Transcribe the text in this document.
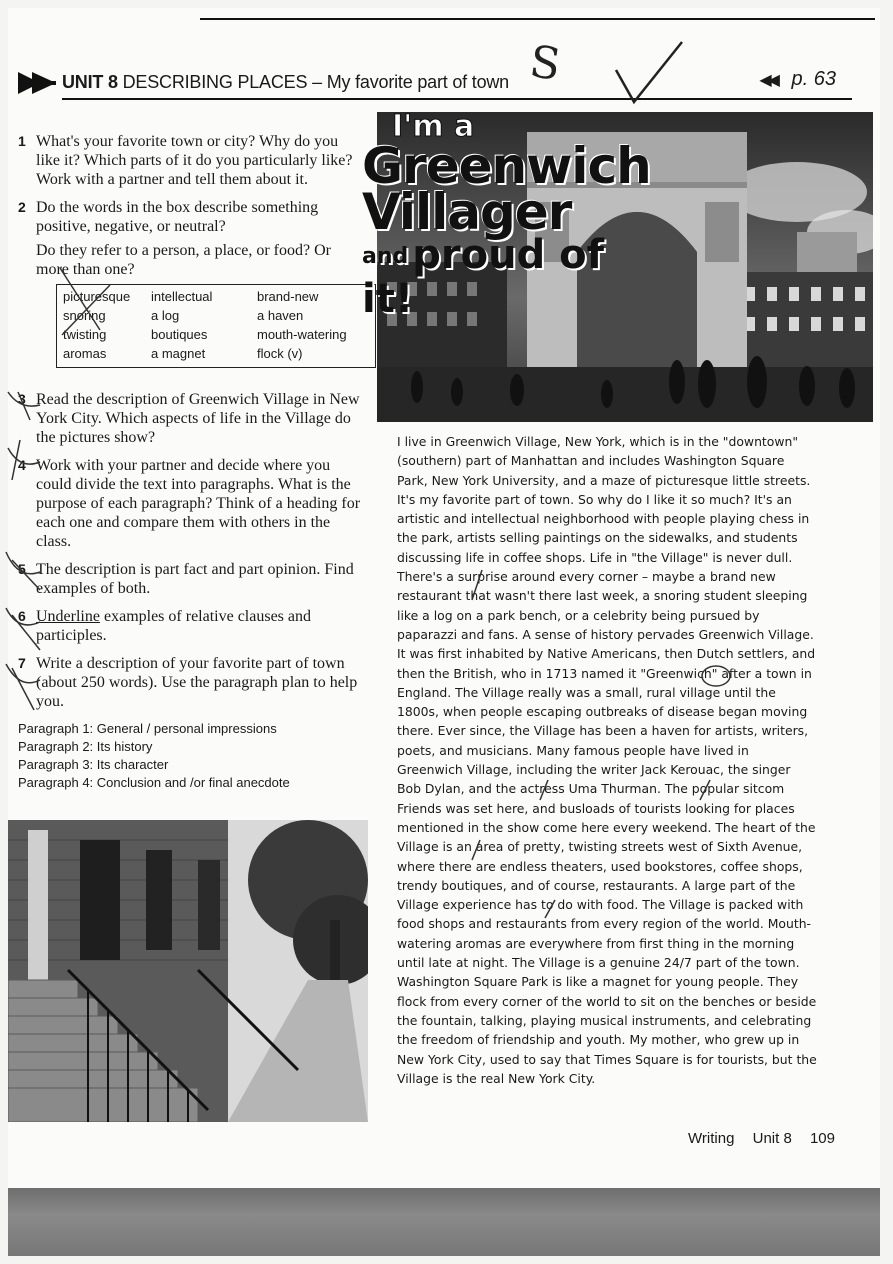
UNIT 8 DESCRIBING PLACES – My favorite part of town	◀◀ p. 63
S
1 What's your favorite town or city? Why do you like it? Which parts of it do you particularly like? Work with a partner and tell them about it.

2 Do the words in the box describe something positive, negative, or neutral?

Do they refer to a person, a place, or food? Or more than one?

picturesque	intellectual	brand-new
snoring	a log	a haven
twisting	boutiques	mouth-watering
aromas	a magnet	flock (v)
3 Read the description of Greenwich Village in New York City. Which aspects of life in the Village do the pictures show?

4 Work with your partner and decide where you could divide the text into paragraphs. What is the purpose of each paragraph? Think of a heading for each one and compare them with others in the class.

5 The description is part fact and part opinion. Find examples of both.

6 Underline examples of relative clauses and participles.

7 Write a description of your favorite part of town (about 250 words). Use the paragraph plan to help you.

Paragraph 1: General / personal impressions
Paragraph 2: Its history
Paragraph 3: Its character
Paragraph 4: Conclusion and /or final anecdote
I'm a
Greenwich
Villager
and proud of it!

I live in Greenwich Village, New York, which is in the "downtown" (southern) part of Manhattan and includes Washington Square Park, New York University, and a maze of picturesque little streets. It's my favorite part of town. So why do I like it so much? It's an artistic and intellectual neighborhood with people playing chess in the park, artists selling paintings on the sidewalks, and students discussing life in coffee shops. Life in "the Village" is never dull. There's a surprise around every corner – maybe a brand new restaurant that wasn't there last week, a snoring student sleeping like a log on a park bench, or a celebrity being pursued by paparazzi and fans. A sense of history pervades Greenwich Village. It was first inhabited by Native Americans, then Dutch settlers, and then the British, who in 1713 named it "Greenwich" after a town in England. The Village really was a small, rural village until the 1800s, when people escaping outbreaks of disease began moving there. Ever since, the Village has been a haven for artists, writers, poets, and musicians. Many famous people have lived in Greenwich Village, including the writer Jack Kerouac, the singer Bob Dylan, and the actress Uma Thurman. The popular sitcom Friends was set here, and busloads of tourists looking for places mentioned in the show come here every weekend. The heart of the Village is an area of pretty, twisting streets west of Sixth Avenue, where there are endless theaters, used bookstores, coffee shops, trendy boutiques, and of course, restaurants. A large part of the Village experience has to do with food. The Village is packed with food shops and restaurants from every region of the world. Mouth-watering aromas are everywhere from first thing in the morning until late at night. The Village is a genuine 24/7 part of the town. Washington Square Park is like a magnet for young people. They flock from every corner of the world to sit on the benches or beside the fountain, talking, playing musical instruments, and celebrating the freedom of friendship and youth. My mother, who grew up in New York City, used to say that Times Square is for tourists, but the Village is the real New York City.

Writing Unit 8 109
